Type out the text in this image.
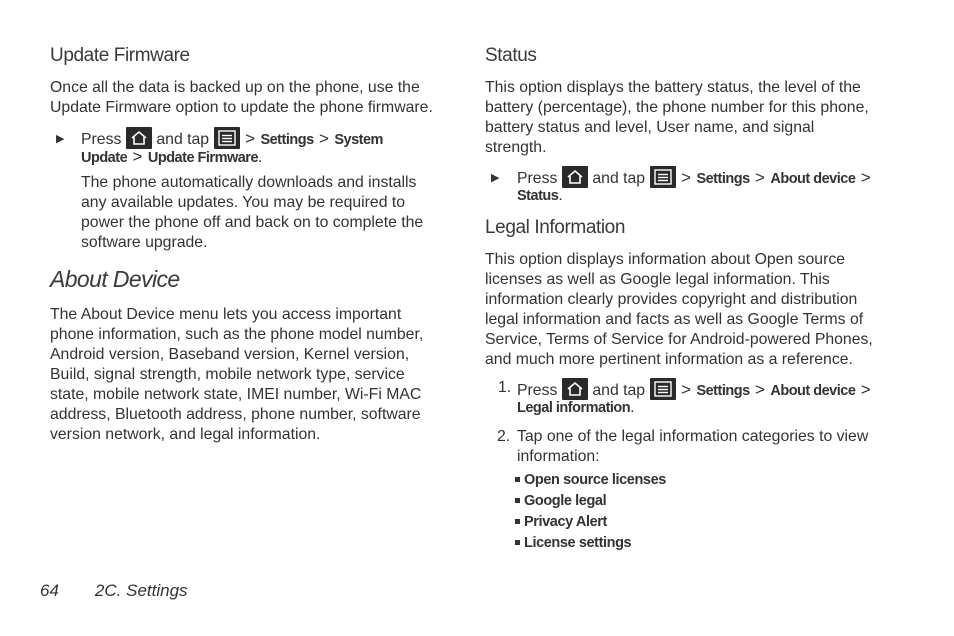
Update Firmware

Once all the data is backed up on the phone, use the
Update Firmware option to update the phone firmware.

▶ Press and tap > Settings > System
Update > Update Firmware.

The phone automatically downloads and installs
any available updates. You may be required to
power the phone off and back on to complete the
software upgrade.

About Device

The About Device menu lets you access important
phone information, such as the phone model number,
Android version, Baseband version, Kernel version,
Build, signal strength, mobile network type, service
state, mobile network state, IMEI number, Wi-Fi MAC
address, Bluetooth address, phone number, software
version network, and legal information.

Status

This option displays the battery status, the level of the
battery (percentage), the phone number for this phone,
battery status and level, User name, and signal
strength.

▶ Press and tap > Settings > About device >
Status.
Legal Information

This option displays information about Open source
licenses as well as Google legal information. This
information clearly provides copyright and distribution
legal information and facts as well as Google Terms of
Service, Terms of Service for Android-powered Phones,
and much more pertinent information as a reference.

1. Press and tap > Settings > About device >
Legal information.
2. Tap one of the legal information categories to view
information:
Open source licenses
Google legal
Privacy Alert
License settings
64 2C. Settings
